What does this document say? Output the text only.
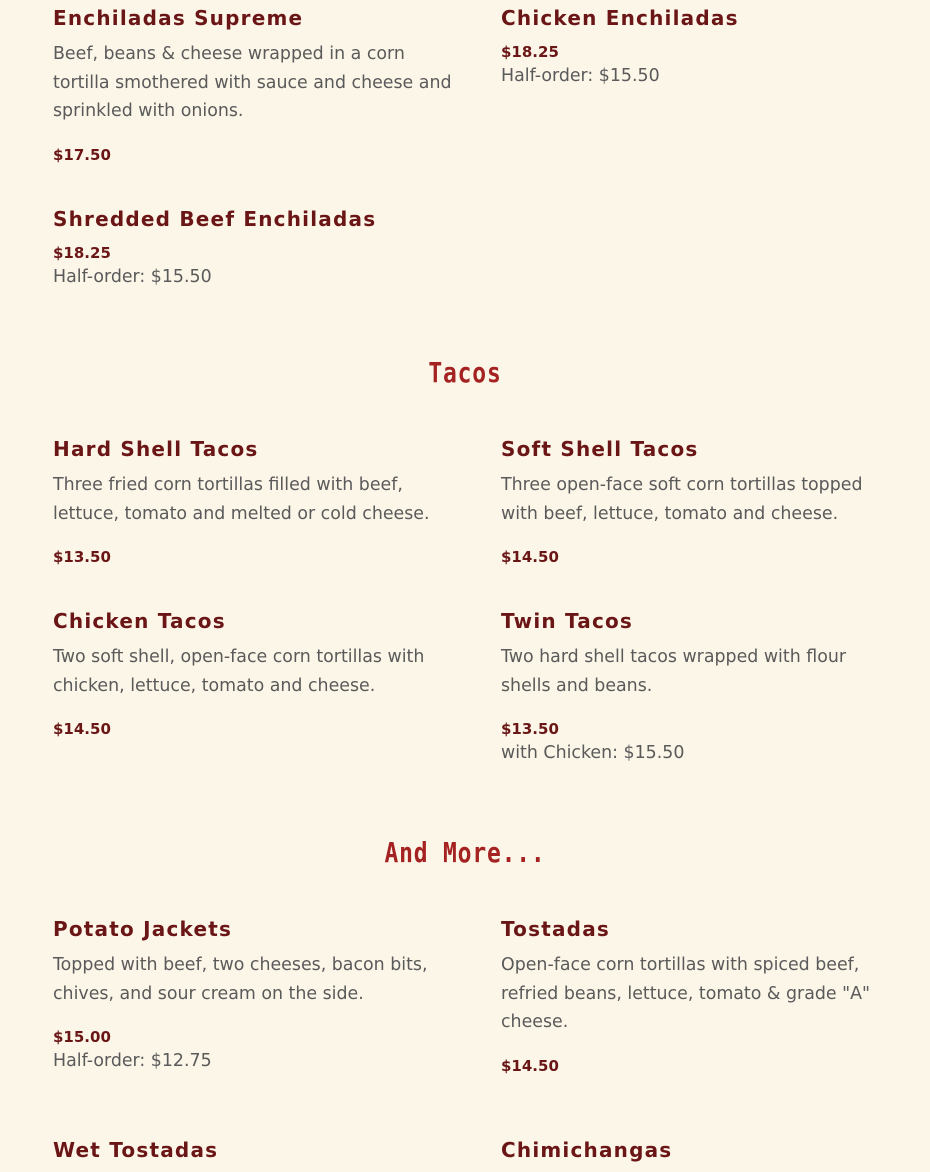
Enchiladas Supreme

Beef, beans & cheese wrapped in a corn tortilla smothered with sauce and cheese and sprinkled with onions.

$17.50

Chicken Enchiladas

$18.25

Half-order: $15.50

Shredded Beef Enchiladas

$18.25

Half-order: $15.50

Tacos
Hard Shell Tacos

Three fried corn tortillas filled with beef, lettuce, tomato and melted or cold cheese.

$13.50

Soft Shell Tacos

Three open-face soft corn tortillas topped with beef, lettuce, tomato and cheese.

$14.50

Chicken Tacos

Two soft shell, open-face corn tortillas with chicken, lettuce, tomato and cheese.

$14.50

Twin Tacos

Two hard shell tacos wrapped with flour shells and beans.

$13.50

with Chicken: $15.50

And More...
Potato Jackets

Topped with beef, two cheeses, bacon bits, chives, and sour cream on the side.

$15.00

Half-order: $12.75

Tostadas

Open-face corn tortillas with spiced beef, refried beans, lettuce, tomato & grade "A" cheese.

$14.50

Wet Tostadas	Chimichangas
